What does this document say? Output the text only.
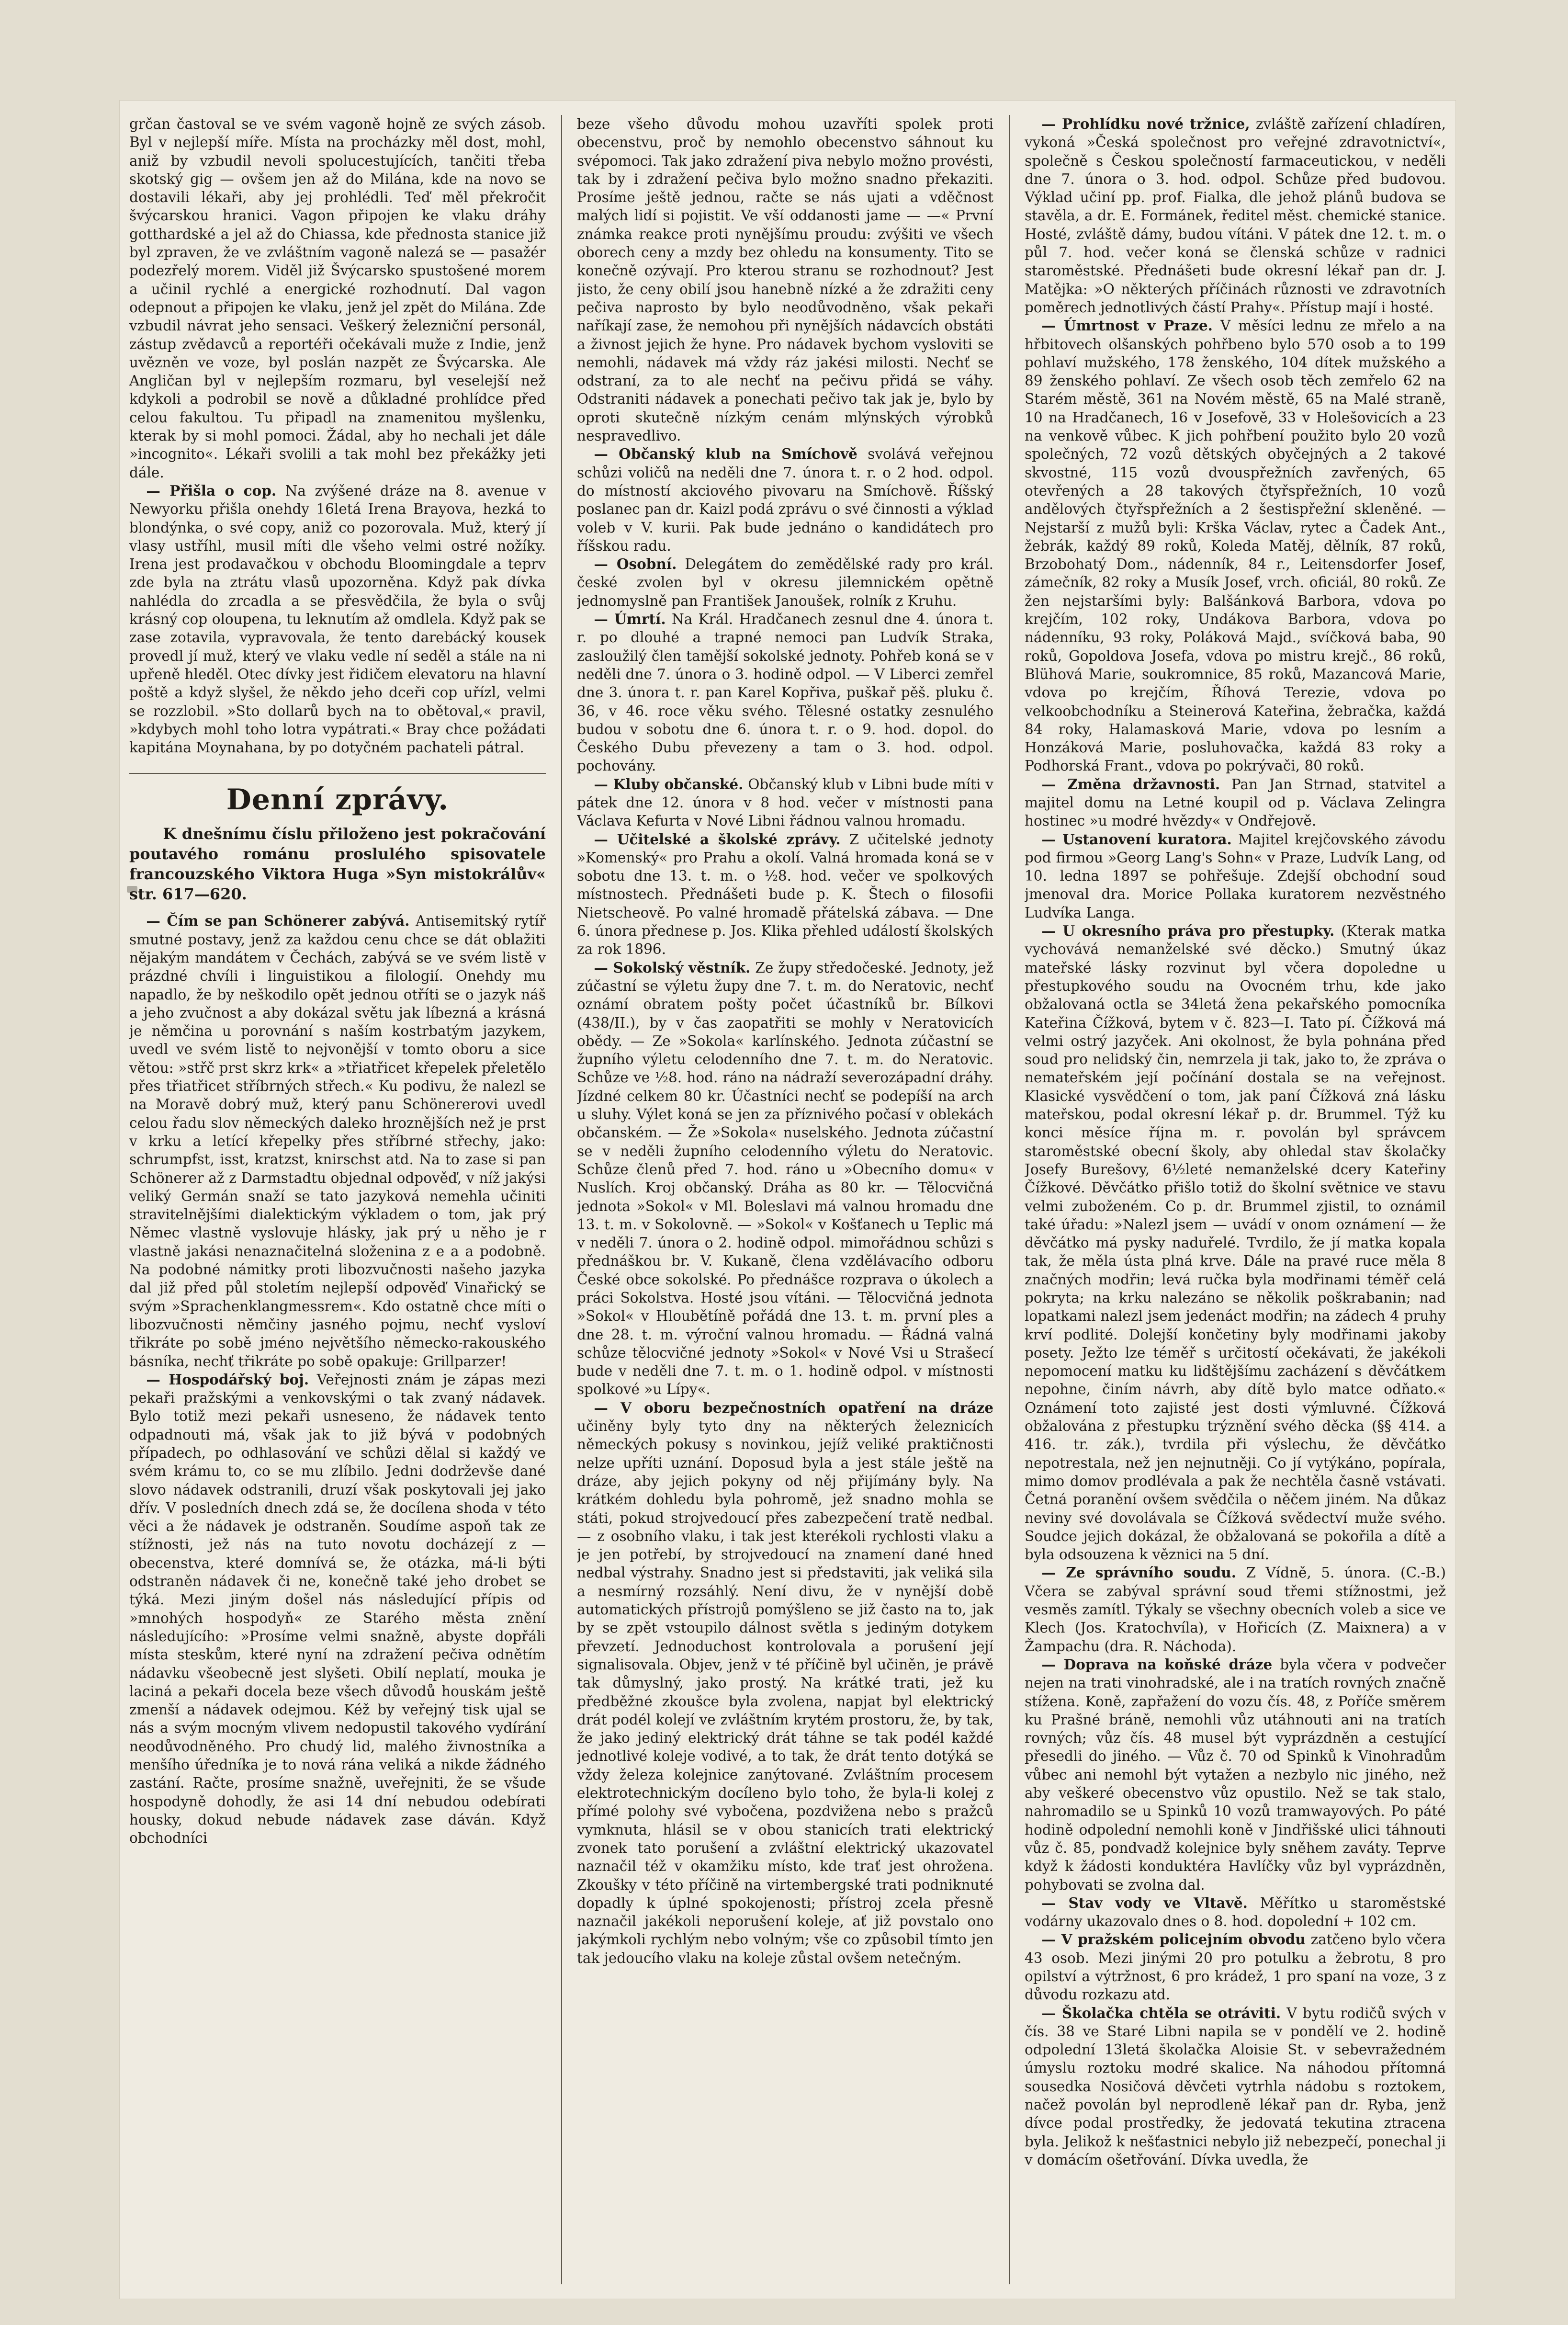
grčan častoval se ve svém vagoně hojně ze svých zásob. Byl v nejlepší míře. Místa na procházky měl dost, mohl, aniž by vzbudil nevoli spolucestujících, tančiti třeba skotský gig — ovšem jen až do Milána, kde na novo se dostavili lékaři, aby jej prohlédli. Teď měl překročit švýcarskou hranici. Vagon připojen ke vlaku dráhy gotthardské a jel až do Chiassa, kde přednosta stanice již byl zpraven, že ve zvláštním vagoně nalezá se — pasažér podezřelý morem. Viděl již Švýcarsko spustošené morem a učinil rychlé a energické rozhodnutí. Dal vagon odepnout a připojen ke vlaku, jenž jel zpět do Milána. Zde vzbudil návrat jeho sensaci. Veškerý železniční personál, zástup zvědavců a reportéři očekávali muže z Indie, jenž uvězněn ve voze, byl poslán nazpět ze Švýcarska. Ale Angličan byl v nejlepším rozmaru, byl veselejší než kdykoli a podrobil se nově a důkladné prohlídce před celou fakultou. Tu připadl na znamenitou myšlenku, kterak by si mohl pomoci. Žádal, aby ho nechali jet dále »incognito«. Lékaři svolili a tak mohl bez překážky jeti dále.

— Přišla o cop. Na zvýšené dráze na 8. avenue v Newyorku přišla onehdy 16letá Irena Brayova, hezká to blondýnka, o své copy, aniž co pozorovala. Muž, který jí vlasy ustříhl, musil míti dle všeho velmi ostré nožíky. Irena jest prodavačkou v obchodu Bloomingdale a teprv zde byla na ztrátu vlasů upozorněna. Když pak dívka nahlédla do zrcadla a se přesvědčila, že byla o svůj krásný cop oloupena, tu leknutím až omdlela. Když pak se zase zotavila, vypravovala, že tento darebácký kousek provedl jí muž, který ve vlaku vedle ní seděl a stále na ni upřeně hleděl. Otec dívky jest řidičem elevatoru na hlavní poště a když slyšel, že někdo jeho dceři cop uřízl, velmi se rozzlobil. »Sto dollarů bych na to obětoval,« pravil, »kdybych mohl toho lotra vypátrati.« Bray chce požádati kapitána Moynahana, by po dotyčném pachateli pátral.

Denní zprávy.

K dnešnímu číslu přiloženo jest pokračování poutavého románu proslulého spisovatele francouzského Viktora Huga »Syn mistokrálův« str. 617—620.

— Čím se pan Schönerer zabývá. Antisemitský rytíř smutné postavy, jenž za každou cenu chce se dát oblažiti nějakým mandátem v Čechách, zabývá se ve svém listě v prázdné chvíli i linguistikou a filologií. Onehdy mu napadlo, že by neškodilo opět jednou otříti se o jazyk náš a jeho zvučnost a aby dokázal světu jak líbezná a krásná je němčina u porovnání s naším kostrbatým jazykem, uvedl ve svém listě to nejvonější v tomto oboru a sice větou: »střč prst skrz krk« a »třiatřicet křepelek přeletělo přes třiatřicet stříbrných střech.« Ku podivu, že nalezl se na Moravě dobrý muž, který panu Schönererovi uvedl celou řadu slov německých daleko hroznějších než je prst v krku a letící křepelky přes stříbrné střechy, jako: schrumpfst, isst, kratzst, knirschst atd. Na to zase si pan Schönerer až z Darmstadtu objednal odpověď, v níž jakýsi veliký Germán snaží se tato jazyková nemehla učiniti stravitelnějšími dialektickým výkladem o tom, jak prý Němec vlastně vyslovuje hlásky, jak prý u něho je r vlastně jakási nenaznačitelná složenina z e a a podobně. Na podobné námitky proti libozvučnosti našeho jazyka dal již před půl stoletím nejlepší odpověď Vinařický se svým »Sprachenklangmessrem«. Kdo ostatně chce míti o libozvučnosti němčiny jasného pojmu, nechť vysloví třikráte po sobě jméno největšího německo-rakouského básníka, nechť třikráte po sobě opakuje: Grillparzer!

— Hospodářský boj. Veřejnosti znám je zápas mezi pekaři pražskými a venkovskými o tak zvaný nádavek. Bylo totiž mezi pekaři usneseno, že nádavek tento odpadnouti má, však jak to již bývá v podobných případech, po odhlasování ve schůzi dělal si každý ve svém krámu to, co se mu zlíbilo. Jedni dodrževše dané slovo nádavek odstranili, druzí však poskytovali jej jako dřív. V posledních dnech zdá se, že docílena shoda v této věci a že nádavek je odstraněn. Soudíme aspoň tak ze stížnosti, jež nás na tuto novotu docházejí z — obecenstva, které domnívá se, že otázka, má-li býti odstraněn nádavek či ne, konečně také jeho drobet se týká. Mezi jiným došel nás následující přípis od »mnohých hospodyň« ze Starého města znění následujícího: »Prosíme velmi snažně, abyste dopřáli místa steskům, které nyní na zdražení pečiva odnětím nádavku všeobecně jest slyšeti. Obilí neplatí, mouka je laciná a pekaři docela beze všech důvodů houskám ještě zmenší a nádavek odejmou. Kéž by veřejný tisk ujal se nás a svým mocným vlivem nedopustil takového vydírání neodůvodněného. Pro chudý lid, malého živnostníka a menšího úředníka je to nová rána veliká a nikde žádného zastání. Račte, prosíme snažně, uveřejniti, že se všude hospodyně dohodly, že asi 14 dní nebudou odebírati housky, dokud nebude nádavek zase dáván. Když obchodníci

beze všeho důvodu mohou uzavříti spolek proti obecenstvu, proč by nemohlo obecenstvo sáhnout ku svépomoci. Tak jako zdražení piva nebylo možno provésti, tak by i zdražení pečiva bylo možno snadno překaziti. Prosíme ještě jednou, račte se nás ujati a vděčnost malých lidí si pojistit. Ve vší oddanosti jame — —« První známka reakce proti nynějšímu proudu: zvýšiti ve všech oborech ceny a mzdy bez ohledu na konsumenty. Tito se konečně ozývají. Pro kterou stranu se rozhodnout? Jest jisto, že ceny obilí jsou hanebně nízké a že zdražiti ceny pečiva naprosto by bylo neodůvodněno, však pekaři naříkají zase, že nemohou při nynějších nádavcích obstáti a živnost jejich že hyne. Pro nádavek bychom vysloviti se nemohli, nádavek má vždy ráz jakési milosti. Nechť se odstraní, za to ale nechť na pečivu přidá se váhy. Odstraniti nádavek a ponechati pečivo tak jak je, bylo by oproti skutečně nízkým cenám mlýnských výrobků nespravedlivo.

— Občanský klub na Smíchově svolává veřejnou schůzi voličů na neděli dne 7. února t. r. o 2 hod. odpol. do místností akciového pivovaru na Smíchově. Říšský poslanec pan dr. Kaizl podá zprávu o své činnosti a výklad voleb v V. kurii. Pak bude jednáno o kandidátech pro říšskou radu.

— Osobní. Delegátem do zemědělské rady pro král. české zvolen byl v okresu jilemnickém opětně jednomyslně pan František Janoušek, rolník z Kruhu.

— Úmrtí. Na Král. Hradčanech zesnul dne 4. února t. r. po dlouhé a trapné nemoci pan Ludvík Straka, zasloužilý člen tamější sokolské jednoty. Pohřeb koná se v neděli dne 7. února o 3. hodině odpol. — V Liberci zemřel dne 3. února t. r. pan Karel Kopřiva, puškař pěš. pluku č. 36, v 46. roce věku svého. Tělesné ostatky zesnulého budou v sobotu dne 6. února t. r. o 9. hod. dopol. do Českého Dubu převezeny a tam o 3. hod. odpol. pochovány.

— Kluby občanské. Občanský klub v Libni bude míti v pátek dne 12. února v 8 hod. večer v místnosti pana Václava Kefurta v Nové Libni řádnou valnou hromadu.

— Učitelské a školské zprávy. Z učitelské jednoty »Komenský« pro Prahu a okolí. Valná hromada koná se v sobotu dne 13. t. m. o ½8. hod. večer ve spolkových místnostech. Přednášeti bude p. K. Štech o filosofii Nietscheově. Po valné hromadě přátelská zábava. — Dne 6. února přednese p. Jos. Klika přehled událostí školských za rok 1896.

— Sokolský věstník. Ze župy středočeské. Jednoty, jež zúčastní se výletu župy dne 7. t. m. do Neratovic, nechť oznámí obratem pošty počet účastníků br. Bílkovi (438/II.), by v čas zaopatřiti se mohly v Neratovicích obědy. — Ze »Sokola« karlínského. Jednota zúčastní se župního výletu celodenního dne 7. t. m. do Neratovic. Schůze ve ½8. hod. ráno na nádraží severozápadní dráhy. Jízdné celkem 80 kr. Účastníci nechť se podepíší na arch u sluhy. Výlet koná se jen za příznivého počasí v oblekách občanském. — Že »Sokola« nuselského. Jednota zúčastní se v neděli župního celodenního výletu do Neratovic. Schůze členů před 7. hod. ráno u »Obecního domu« v Nuslích. Kroj občanský. Dráha as 80 kr. — Tělocvičná jednota »Sokol« v Ml. Boleslavi má valnou hromadu dne 13. t. m. v Sokolovně. — »Sokol« v Košťanech u Teplic má v neděli 7. února o 2. hodině odpol. mimořádnou schůzi s přednáškou br. V. Kukaně, člena vzdělávacího odboru České obce sokolské. Po přednášce rozprava o úkolech a práci Sokolstva. Hosté jsou vítáni. — Tělocvičná jednota »Sokol« v Hloubětíně pořádá dne 13. t. m. první ples a dne 28. t. m. výroční valnou hromadu. — Řádná valná schůze tělocvičné jednoty »Sokol« v Nové Vsi u Strašecí bude v neděli dne 7. t. m. o 1. hodině odpol. v místnosti spolkové »u Lípy«.

— V oboru bezpečnostních opatření na dráze učiněny byly tyto dny na některých železnicích německých pokusy s novinkou, jejíž veliké praktičnosti nelze upříti uznání. Doposud byla a jest stále ještě na dráze, aby jejich pokyny od něj přijímány byly. Na krátkém dohledu byla pohromě, jež snadno mohla se státi, pokud strojvedoucí přes zabezpečení tratě nedbal. — z osobního vlaku, i tak jest kterékoli rychlosti vlaku a je jen potřebí, by strojvedoucí na znamení dané hned nedbal výstrahy. Snadno jest si představiti, jak veliká sila a nesmírný rozsáhlý. Není divu, že v nynější době automatických přístrojů pomýšleno se již často na to, jak by se zpět vstoupilo dálnost světla s jediným dotykem převzetí. Jednoduchost kontrolovala a porušení její signalisovala. Objev, jenž v té příčině byl učiněn, je právě tak důmyslný, jako prostý. Na krátké trati, jež ku předběžné zkoušce byla zvolena, napjat byl elektrický drát podél kolejí ve zvláštním krytém prostoru, že, by tak, že jako jediný elektrický drát táhne se tak podél každé jednotlivé koleje vodivé, a to tak, že drát tento dotýká se vždy železa kolejnice zanýtované. Zvláštním procesem elektrotechnickým docíleno bylo toho, že byla-li kolej z přímé polohy své vybočena, pozdvižena nebo s pražců vymknuta, hlásil se v obou stanicích trati elektrický zvonek tato porušení a zvláštní elektrický ukazovatel naznačil též v okamžiku místo, kde trať jest ohrožena. Zkoušky v této příčině na virtembergské trati podniknuté dopadly k úplné spokojenosti; přístroj zcela přesně naznačil jakékoli neporušení koleje, ať již povstalo ono jakýmkoli rychlým nebo volným; vše co způsobil tímto jen tak jedoucího vlaku na koleje zůstal ovšem netečným.

— Prohlídku nové tržnice, zvláště zařízení chladíren, vykoná »Česká společnost pro veřejné zdravotnictví«, společně s Českou společností farmaceutickou, v neděli dne 7. února o 3. hod. odpol. Schůze před budovou. Výklad učiní pp. prof. Fialka, dle jehož plánů budova se stavěla, a dr. E. Formánek, ředitel měst. chemické stanice. Hosté, zvláště dámy, budou vítáni. V pátek dne 12. t. m. o půl 7. hod. večer koná se členská schůze v radnici staroměstské. Přednášeti bude okresní lékař pan dr. J. Matějka: »O některých příčinách různosti ve zdravotních poměrech jednotlivých částí Prahy«. Přístup mají i hosté.

— Úmrtnost v Praze. V měsíci lednu ze mřelo a na hřbitovech olšanských pohřbeno bylo 570 osob a to 199 pohlaví mužského, 178 ženského, 104 dítek mužského a 89 ženského pohlaví. Ze všech osob těch zemřelo 62 na Starém městě, 361 na Novém městě, 65 na Malé straně, 10 na Hradčanech, 16 v Josefově, 33 v Holešovicích a 23 na venkově vůbec. K jich pohřbení použito bylo 20 vozů společných, 72 vozů dětských obyčejných a 2 takové skvostné, 115 vozů dvouspřežních zavřených, 65 otevřených a 28 takových čtyřspřežních, 10 vozů andělových čtyřspřežních a 2 šestispřežní skleněné. — Nejstarší z mužů byli: Krška Václav, rytec a Čadek Ant., žebrák, každý 89 roků, Koleda Matěj, dělník, 87 roků, Brzobohatý Dom., nádenník, 84 r., Leitensdorfer Josef, zámečník, 82 roky a Musík Josef, vrch. oficiál, 80 roků. Ze žen nejstaršími byly: Balšánková Barbora, vdova po krejčím, 102 roky, Undákova Barbora, vdova po nádenníku, 93 roky, Poláková Majd., svíčková baba, 90 roků, Gopoldova Josefa, vdova po mistru krejč., 86 roků, Blühová Marie, soukromnice, 85 roků, Mazancová Marie, vdova po krejčím, Říhová Terezie, vdova po velkoobchodníku a Steinerová Kateřina, žebračka, každá 84 roky, Halamasková Marie, vdova po lesním a Honzáková Marie, posluhovačka, každá 83 roky a Podhorská Frant., vdova po pokrývači, 80 roků.

— Změna državnosti. Pan Jan Strnad, statvitel a majitel domu na Letné koupil od p. Václava Zelingra hostinec »u modré hvězdy« v Ondřejově.

— Ustanovení kuratora. Majitel krejčovského závodu pod firmou »Georg Lang's Sohn« v Praze, Ludvík Lang, od 10. ledna 1897 se pohřešuje. Zdejší obchodní soud jmenoval dra. Morice Pollaka kuratorem nezvěstného Ludvíka Langa.

— U okresního práva pro přestupky. (Kterak matka vychovává nemanželské své děcko.) Smutný úkaz mateřské lásky rozvinut byl včera dopoledne u přestupkového soudu na Ovocném trhu, kde jako obžalovaná octla se 34letá žena pekařského pomocníka Kateřina Čížková, bytem v č. 823—I. Tato pí. Čížková má velmi ostrý jazyček. Ani okolnost, že byla pohnána před soud pro nelidský čin, nemrzela ji tak, jako to, že zpráva o nemateřském její počínání dostala se na veřejnost. Klasické vysvědčení o tom, jak paní Čížková zná lásku mateřskou, podal okresní lékař p. dr. Brummel. Týž ku konci měsíce října m. r. povolán byl správcem staroměstské obecní školy, aby ohledal stav školačky Josefy Burešovy, 6½leté nemanželské dcery Kateřiny Čížkové. Děvčátko přišlo totiž do školní světnice ve stavu velmi zuboženém. Co p. dr. Brummel zjistil, to oznámil také úřadu: »Nalezl jsem — uvádí v onom oznámení — že děvčátko má pysky naduřelé. Tvrdilo, že jí matka kopala tak, že měla ústa plná krve. Dále na pravé ruce měla 8 značných modřin; levá ručka byla modřinami téměř celá pokryta; na krku nalezáno se několik poškrabanin; nad lopatkami nalezl jsem jedenáct modřin; na zádech 4 pruhy krví podlité. Dolejší končetiny byly modřinami jakoby posety. Ježto lze téměř s určitostí očekávati, že jakékoli nepomocení matku ku lidštějšímu zacházení s děvčátkem nepohne, činím návrh, aby dítě bylo matce odňato.« Oznámení toto zajisté jest dosti výmluvné. Čížková obžalována z přestupku trýznění svého děcka (§§ 414. a 416. tr. zák.), tvrdila při výslechu, že děvčátko nepotrestala, než jen nejnutněji. Co jí vytýkáno, popírala, mimo domov prodlévala a pak že nechtěla časně vstávati. Četná poranění ovšem svědčila o něčem jiném. Na důkaz neviny své dovolávala se Čížková svědectví muže svého. Soudce jejich dokázal, že obžalovaná se pokořila a dítě a byla odsouzena k věznici na 5 dní.

— Ze správního soudu. Z Vídně, 5. února. (C.-B.) Včera se zabýval správní soud třemi stížnostmi, jež vesměs zamítl. Týkaly se všechny obecních voleb a sice ve Klech (Jos. Kratochvíla), v Hořicích (Z. Maixnera) a v Žampachu (dra. R. Náchoda).

— Doprava na koňské dráze byla včera v podvečer nejen na trati vinohradské, ale i na tratích rovných značně stížena. Koně, zapřažení do vozu čís. 48, z Poříče směrem ku Prašné bráně, nemohli vůz utáhnouti ani na tratích rovných; vůz čís. 48 musel být vyprázdněn a cestující přesedli do jiného. — Vůz č. 70 od Spinků k Vinohradům vůbec ani nemohl být vytažen a nezbylo nic jiného, než aby veškeré obecenstvo vůz opustilo. Než se tak stalo, nahromadilo se u Spinků 10 vozů tramwayových. Po páté hodině odpolední nemohli koně v Jindřišské ulici táhnouti vůz č. 85, pondvadž kolejnice byly sněhem zaváty. Teprve když k žádosti konduktéra Havlíčky vůz byl vyprázdněn, pohybovati se zvolna dal.

— Stav vody ve Vltavě. Měřítko u staroměstské vodárny ukazovalo dnes o 8. hod. dopolední + 102 cm.

— V pražském policejním obvodu zatčeno bylo včera 43 osob. Mezi jinými 20 pro potulku a žebrotu, 8 pro opilství a výtržnost, 6 pro krádež, 1 pro spaní na voze, 3 z důvodu rozkazu atd.

— Školačka chtěla se otráviti. V bytu rodičů svých v čís. 38 ve Staré Libni napila se v pondělí ve 2. hodině odpolední 13letá školačka Aloisie St. v sebevražedném úmyslu roztoku modré skalice. Na náhodou přítomná sousedka Nosičová děvčeti vytrhla nádobu s roztokem, načež povolán byl neprodleně lékař pan dr. Ryba, jenž dívce podal prostředky, že jedovatá tekutina ztracena byla. Jelikož k nešťastnici nebylo již nebezpečí, ponechal ji v domácím ošetřování. Dívka uvedla, že
